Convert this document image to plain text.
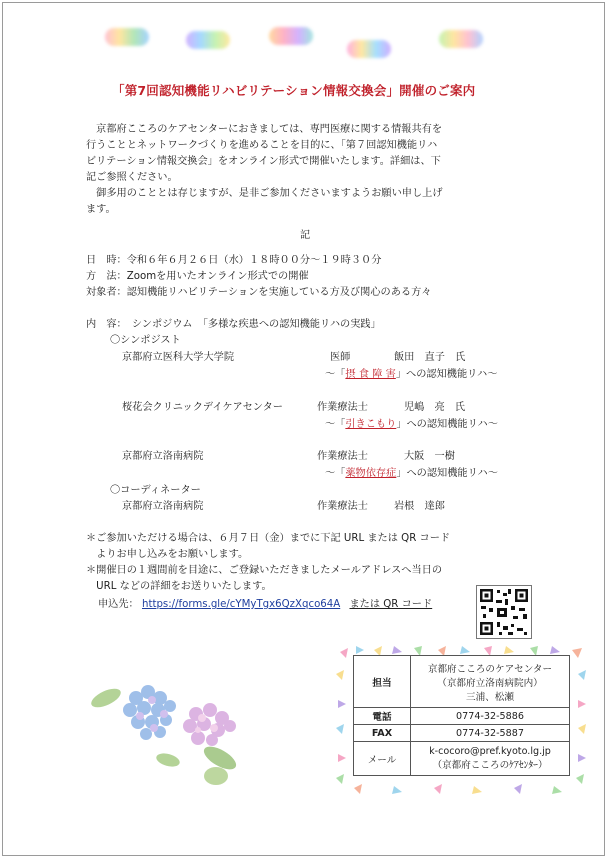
「第7回認知機能リハビリテーション情報交換会」開催のご案内
　京都府こころのケアセンターにおきましては、専門医療に関する情報共有を
行うこととネットワークづくりを進めることを目的に、「第７回認知機能リハ
ビリテーション情報交換会」をオンライン形式で開催いたします。詳細は、下
記ご参照ください。
　御多用のこととは存じますが、是非ご参加くださいますようお願い申し上げ
ます。
記
日　時：令和６年６月２６日（水）１８時００分～１９時３０分
方　法：Zoomを用いたオンライン形式での開催
対象者：認知機能リハビリテーションを実施している方及び関心のある方々
内　容：　 シンポジウム　「多様な疾患への認知機能リハの実践」
〇シンポジスト
京都府立医科大学大学院	医師	飯田　直子　氏
～「摂 食 障 害」への認知機能リハ～
桜花会クリニックデイケアセンター	作業療法士	児嶋　亮　氏
～「引きこもり」への認知機能リハ～
京都府立洛南病院	作業療法士	大阪　一樹
～「薬物依存症」への認知機能リハ～
〇コーディネーター
京都府立洛南病院	作業療法士	岩根　達郎
＊ご参加いただける場合は、６月７日（金）までに下記 URL または QR コード
　よりお申し込みをお願いします。
＊開催日の１週間前を目途に、ご登録いただきましたメールアドレスへ当日の
　URL などの詳細をお送りいたします。
申込先： https://forms.gle/cYMyTgx6QzXqco64A または QR コード
担当	京都府こころのケアセンター
（京都府立洛南病院内）
三浦、松瀬

電話	0774-32-5886
FAX	0774-32-5887
メール	k-cocoro@pref.kyoto.lg.jp
（京都府こころのｹｱｾﾝﾀｰ）
